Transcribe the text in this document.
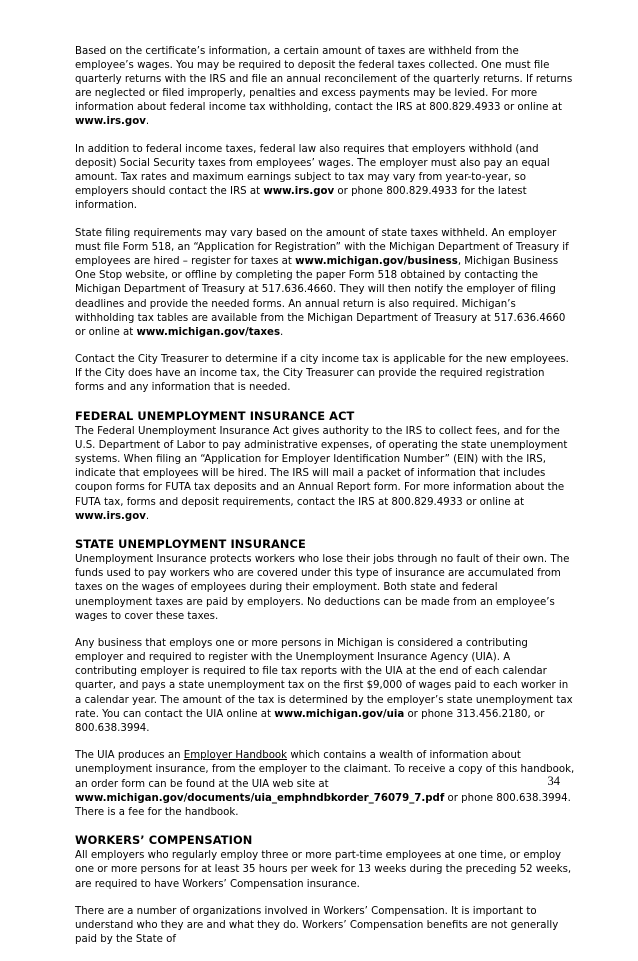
Based on the certificate’s information, a certain amount of taxes are withheld from the employee’s wages. You may be required to deposit the federal taxes collected. One must file quarterly returns with the IRS and file an annual reconcilement of the quarterly returns. If returns are neglected or filed improperly, penalties and excess payments may be levied. For more information about federal income tax withholding, contact the IRS at 800.829.4933 or online at www.irs.gov.

In addition to federal income taxes, federal law also requires that employers withhold (and deposit) Social Security taxes from employees’ wages. The employer must also pay an equal amount. Tax rates and maximum earnings subject to tax may vary from year-to-year, so employers should contact the IRS at www.irs.gov or phone 800.829.4933 for the latest information.

State filing requirements may vary based on the amount of state taxes withheld. An employer must file Form 518, an “Application for Registration” with the Michigan Department of Treasury if employees are hired – register for taxes at www.michigan.gov/business, Michigan Business One Stop website, or offline by completing the paper Form 518 obtained by contacting the Michigan Department of Treasury at 517.636.4660. They will then notify the employer of filing deadlines and provide the needed forms. An annual return is also required. Michigan’s withholding tax tables are available from the Michigan Department of Treasury at 517.636.4660 or online at www.michigan.gov/taxes.

Contact the City Treasurer to determine if a city income tax is applicable for the new employees. If the City does have an income tax, the City Treasurer can provide the required registration forms and any information that is needed.

FEDERAL UNEMPLOYMENT INSURANCE ACT

The Federal Unemployment Insurance Act gives authority to the IRS to collect fees, and for the U.S. Department of Labor to pay administrative expenses, of operating the state unemployment systems. When filing an “Application for Employer Identification Number” (EIN) with the IRS, indicate that employees will be hired. The IRS will mail a packet of information that includes coupon forms for FUTA tax deposits and an Annual Report form. For more information about the FUTA tax, forms and deposit requirements, contact the IRS at 800.829.4933 or online at www.irs.gov.

STATE UNEMPLOYMENT INSURANCE

Unemployment Insurance protects workers who lose their jobs through no fault of their own. The funds used to pay workers who are covered under this type of insurance are accumulated from taxes on the wages of employees during their employment. Both state and federal unemployment taxes are paid by employers. No deductions can be made from an employee’s wages to cover these taxes.

Any business that employs one or more persons in Michigan is considered a contributing employer and required to register with the Unemployment Insurance Agency (UIA). A contributing employer is required to file tax reports with the UIA at the end of each calendar quarter, and pays a state unemployment tax on the first $9,000 of wages paid to each worker in a calendar year. The amount of the tax is determined by the employer’s state unemployment tax rate. You can contact the UIA online at www.michigan.gov/uia or phone 313.456.2180, or 800.638.3994.

The UIA produces an Employer Handbook which contains a wealth of information about unemployment insurance, from the employer to the claimant. To receive a copy of this handbook, an order form can be found at the UIA web site at www.michigan.gov/documents/uia_emphndbkorder_76079_7.pdf or phone 800.638.3994. There is a fee for the handbook.

WORKERS’ COMPENSATION

All employers who regularly employ three or more part-time employees at one time, or employ one or more persons for at least 35 hours per week for 13 weeks during the preceding 52 weeks, are required to have Workers’ Compensation insurance.

There are a number of organizations involved in Workers’ Compensation. It is important to understand who they are and what they do. Workers’ Compensation benefits are not generally paid by the State of

34
